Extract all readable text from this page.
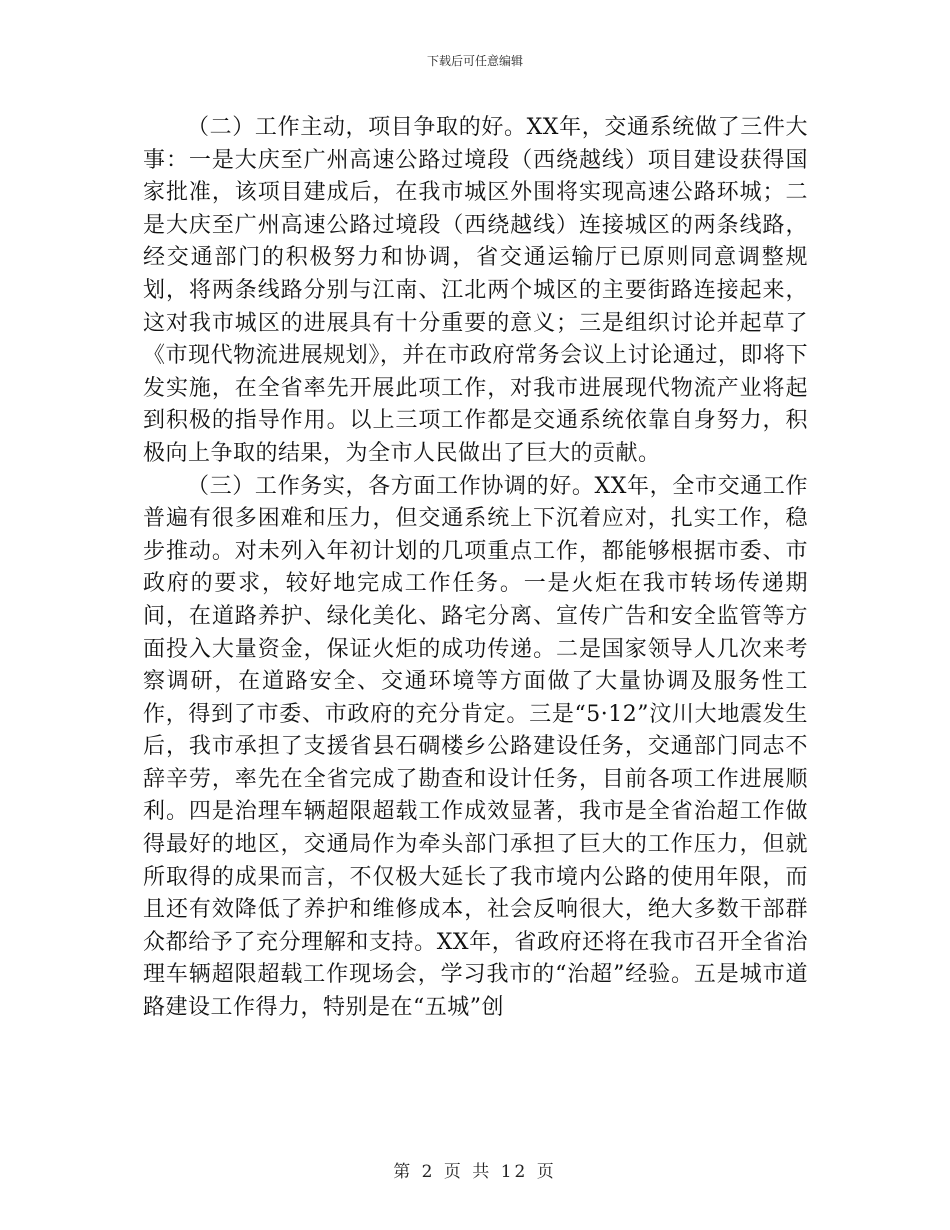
下载后可任意编辑

（二）工作主动，项目争取的好。XX年，交通系统做了三件大事：一是大庆至广州高速公路过境段（西绕越线）项目建设获得国家批准，该项目建成后，在我市城区外围将实现高速公路环城；二是大庆至广州高速公路过境段（西绕越线）连接城区的两条线路，经交通部门的积极努力和协调，省交通运输厅已原则同意调整规划，将两条线路分别与江南、江北两个城区的主要街路连接起来，这对我市城区的进展具有十分重要的意义；三是组织讨论并起草了《市现代物流进展规划》，并在市政府常务会议上讨论通过，即将下发实施，在全省率先开展此项工作，对我市进展现代物流产业将起到积极的指导作用。以上三项工作都是交通系统依靠自身努力，积极向上争取的结果，为全市人民做出了巨大的贡献。

（三）工作务实，各方面工作协调的好。XX年，全市交通工作普遍有很多困难和压力，但交通系统上下沉着应对，扎实工作，稳步推动。对未列入年初计划的几项重点工作，都能够根据市委、市政府的要求，较好地完成工作任务。一是火炬在我市转场传递期间，在道路养护、绿化美化、路宅分离、宣传广告和安全监管等方面投入大量资金，保证火炬的成功传递。二是国家领导人几次来考察调研，在道路安全、交通环境等方面做了大量协调及服务性工作，得到了市委、市政府的充分肯定。三是“5·12”汶川大地震发生后，我市承担了支援省县石碉楼乡公路建设任务，交通部门同志不辞辛劳，率先在全省完成了勘查和设计任务，目前各项工作进展顺利。四是治理车辆超限超载工作成效显著，我市是全省治超工作做得最好的地区，交通局作为牵头部门承担了巨大的工作压力，但就所取得的成果而言，不仅极大延长了我市境内公路的使用年限，而且还有效降低了养护和维修成本，社会反响很大，绝大多数干部群众都给予了充分理解和支持。XX年，省政府还将在我市召开全省治理车辆超限超载工作现场会，学习我市的“治超”经验。五是城市道路建设工作得力，特别是在“五城”创

第 2 页 共 12 页
